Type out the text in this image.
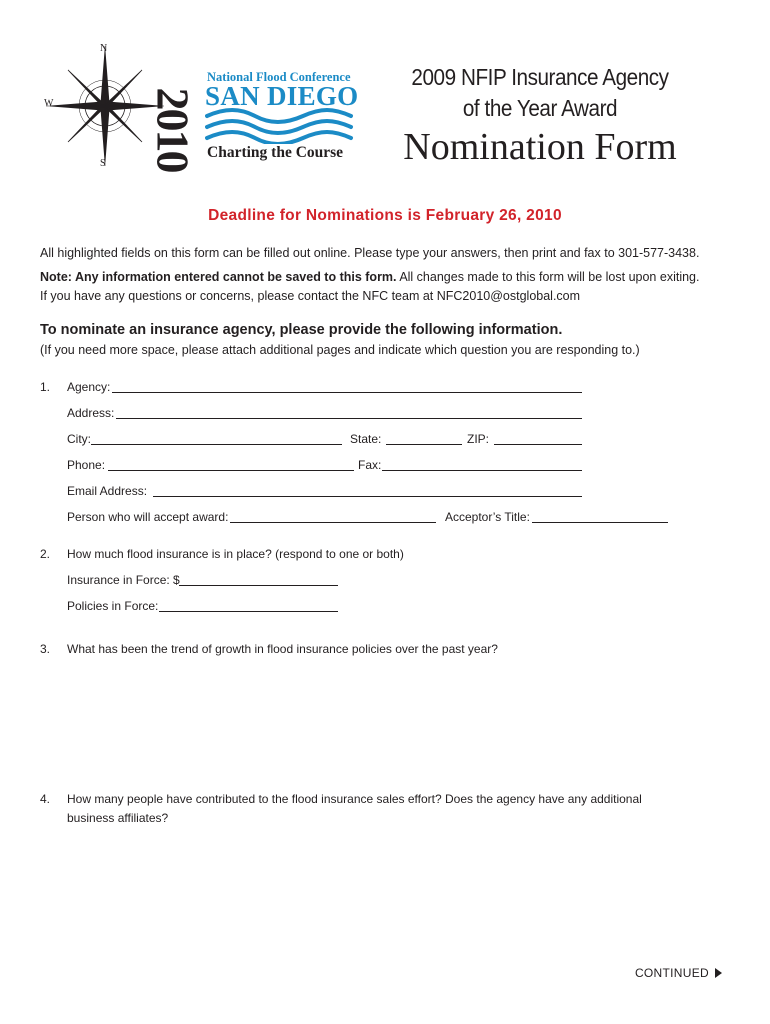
N
W
S 2010
National Flood Conference
SAN DIEGO
Charting the Course
2009 NFIP Insurance Agency
of the Year Award
Nomination Form
Deadline for Nominations is February 26, 2010
All highlighted fields on this form can be filled out online. Please type your answers, then print and fax to 301-577-3438.
Note: Any information entered cannot be saved to this form. All changes made to this form will be lost upon exiting.
If you have any questions or concerns, please contact the NFC team at NFC2010@ostglobal.com
To nominate an insurance agency, please provide the following information.
(If you need more space, please attach additional pages and indicate which question you are responding to.)
1. Agency:
Address:
City:	State:	ZIP:
Phone:	Fax:
Email Address:
Person who will accept award:	Acceptor’s Title:
2. How much flood insurance is in place? (respond to one or both)
Insurance in Force: $
Policies in Force:
3. What has been the trend of growth in flood insurance policies over the past year?
4. How many people have contributed to the flood insurance sales effort? Does the agency have any additional
business affiliates?
CONTINUED
